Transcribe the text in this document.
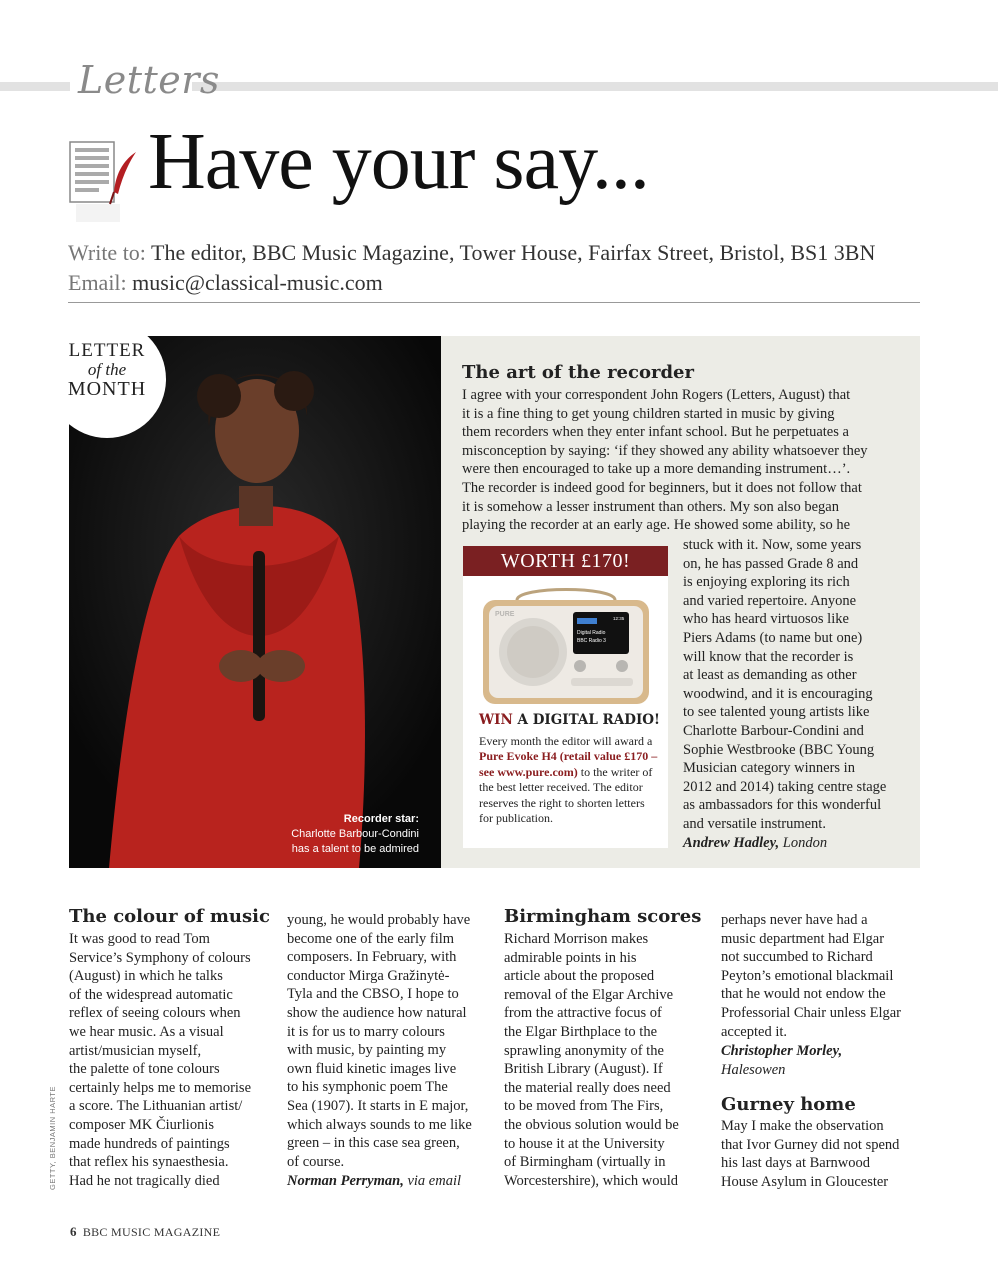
Letters
Have your say...
Write to: The editor, BBC Music Magazine, Tower House, Fairfax Street, Bristol, BS1 3BN
Email: music@classical-music.com
Recorder star:
Charlotte Barbour-Condini
has a talent to be admired
LETTER
of the
MONTH
The art of the recorder
I agree with your correspondent John Rogers (Letters, August) that
it is a fine thing to get young children started in music by giving
them recorders when they enter infant school. But he perpetuates a
misconception by saying: ‘if they showed any ability whatsoever they
were then encouraged to take up a more demanding instrument…’.
The recorder is indeed good for beginners, but it does not follow that
it is somehow a lesser instrument than others. My son also began
playing the recorder at an early age. He showed some ability, so he
stuck with it. Now, some years
on, he has passed Grade 8 and
is enjoying exploring its rich
and varied repertoire. Anyone
who has heard virtuosos like
Piers Adams (to name but one)
will know that the recorder is
at least as demanding as other
woodwind, and it is encouraging
to see talented young artists like
Charlotte Barbour-Condini and
Sophie Westbrooke (BBC Young
Musician category winners in
2012 and 2014) taking centre stage
as ambassadors for this wonderful
and versatile instrument.
Andrew Hadley, London
WORTH £170!
Digital Radio
BBC Radio 3
12:35
PURE
WIN A DIGITAL RADIO!
Every month the editor will award a Pure Evoke H4 (retail value £170 – see www.pure.com) to the writer of the best letter received. The editor reserves the right to shorten letters for publication.
The colour of music
It was good to read Tom
Service’s Symphony of colours
(August) in which he talks
of the widespread automatic
reflex of seeing colours when
we hear music. As a visual
artist/musician myself,
the palette of tone colours
certainly helps me to memorise
a score. The Lithuanian artist/
composer MK Čiurlionis
made hundreds of paintings
that reflex his synaesthesia.
Had he not tragically died
young, he would probably have
become one of the early film
composers. In February, with
conductor Mirga Gražinytė-
Tyla and the CBSO, I hope to
show the audience how natural
it is for us to marry colours
with music, by painting my
own fluid kinetic images live
to his symphonic poem The
Sea (1907). It starts in E major,
which always sounds to me like
green – in this case sea green,
of course.
Norman Perryman, via email
Birmingham scores
Richard Morrison makes
admirable points in his
article about the proposed
removal of the Elgar Archive
from the attractive focus of
the Elgar Birthplace to the
sprawling anonymity of the
British Library (August). If
the material really does need
to be moved from The Firs,
the obvious solution would be
to house it at the University
of Birmingham (virtually in
Worcestershire), which would
perhaps never have had a
music department had Elgar
not succumbed to Richard
Peyton’s emotional blackmail
that he would not endow the
Professorial Chair unless Elgar
accepted it.
Christopher Morley,
Halesowen
Gurney home
May I make the observation
that Ivor Gurney did not spend
his last days at Barnwood
House Asylum in Gloucester
GETTY, BENJAMIN HARTE
6 BBC MUSIC MAGAZINE
